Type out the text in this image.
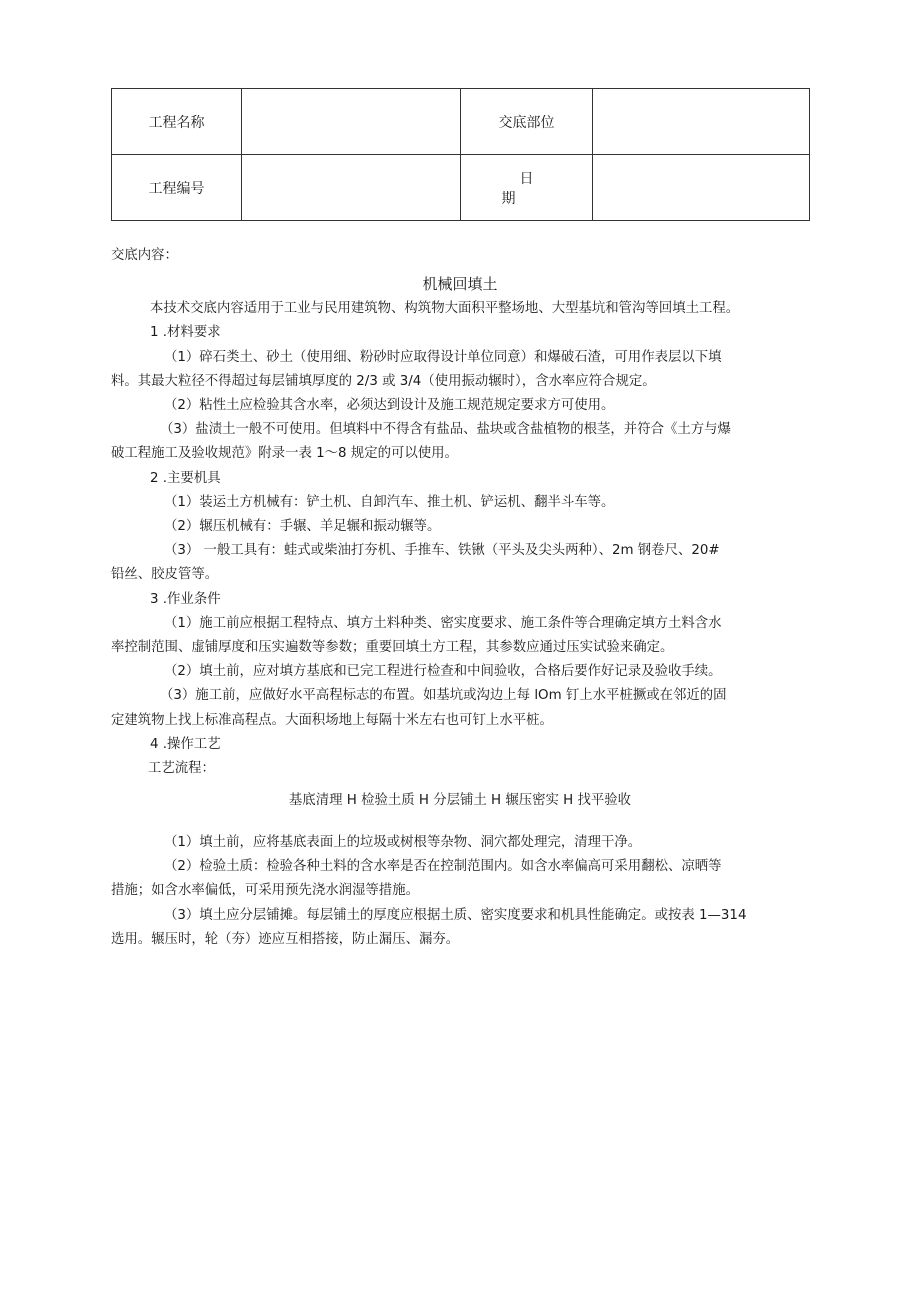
工程名称		交底部位	
工程编号		日期	
交底内容：
机械回填土
本技术交底内容适用于工业与民用建筑物、构筑物大面积平整场地、大型基坑和管沟等回填土工程。
1 .材料要求
（1）碎石类土、砂土（使用细、粉砂时应取得设计单位同意）和爆破石渣，可用作表层以下填
料。其最大粒径不得超过每层铺填厚度的 2/3 或 3/4（使用振动辗时），含水率应符合规定。
（2）粘性土应检验其含水率，必须达到设计及施工规范规定要求方可使用。
（3）盐渍土一般不可使用。但填料中不得含有盐品、盐块或含盐植物的根茎，并符合《土方与爆
破工程施工及验收规范》附录一表 1～8 规定的可以使用。
2 .主要机具
（1）装运土方机械有：铲土机、自卸汽车、推土机、铲运机、翻半斗车等。
（2）辗压机械有：手辗、羊足辗和振动辗等。
（3） 一般工具有：蛙式或柴油打夯机、手推车、铁锹（平头及尖头两种）、2m 钢卷尺、20#
铅丝、胶皮管等。
3 .作业条件
（1）施工前应根据工程特点、填方土料种类、密实度要求、施工条件等合理确定填方土料含水
率控制范围、虚铺厚度和压实遍数等参数；重要回填土方工程，其参数应通过压实试验来确定。
（2）填土前，应对填方基底和已完工程进行检查和中间验收，合格后要作好记录及验收手续。
（3）施工前，应做好水平高程标志的布置。如基坑或沟边上每 lOm 钉上水平桩撅或在邻近的固
定建筑物上找上标准高程点。大面积场地上每隔十米左右也可钉上水平桩。
4 .操作工艺
工艺流程：
基底清理 H 检验土质 H 分层铺土 H 辗压密实 H 找平验收
（1）填土前，应将基底表面上的垃圾或树根等杂物、洞穴都处理完，清理干净。
（2）检验土质：检验各种土料的含水率是否在控制范围内。如含水率偏高可采用翻松、凉晒等
措施；如含水率偏低，可采用预先浇水润湿等措施。
（3）填土应分层铺摊。每层铺土的厚度应根据土质、密实度要求和机具性能确定。或按表 1—314
选用。辗压时，轮（夯）迹应互相搭接，防止漏压、漏夯。
